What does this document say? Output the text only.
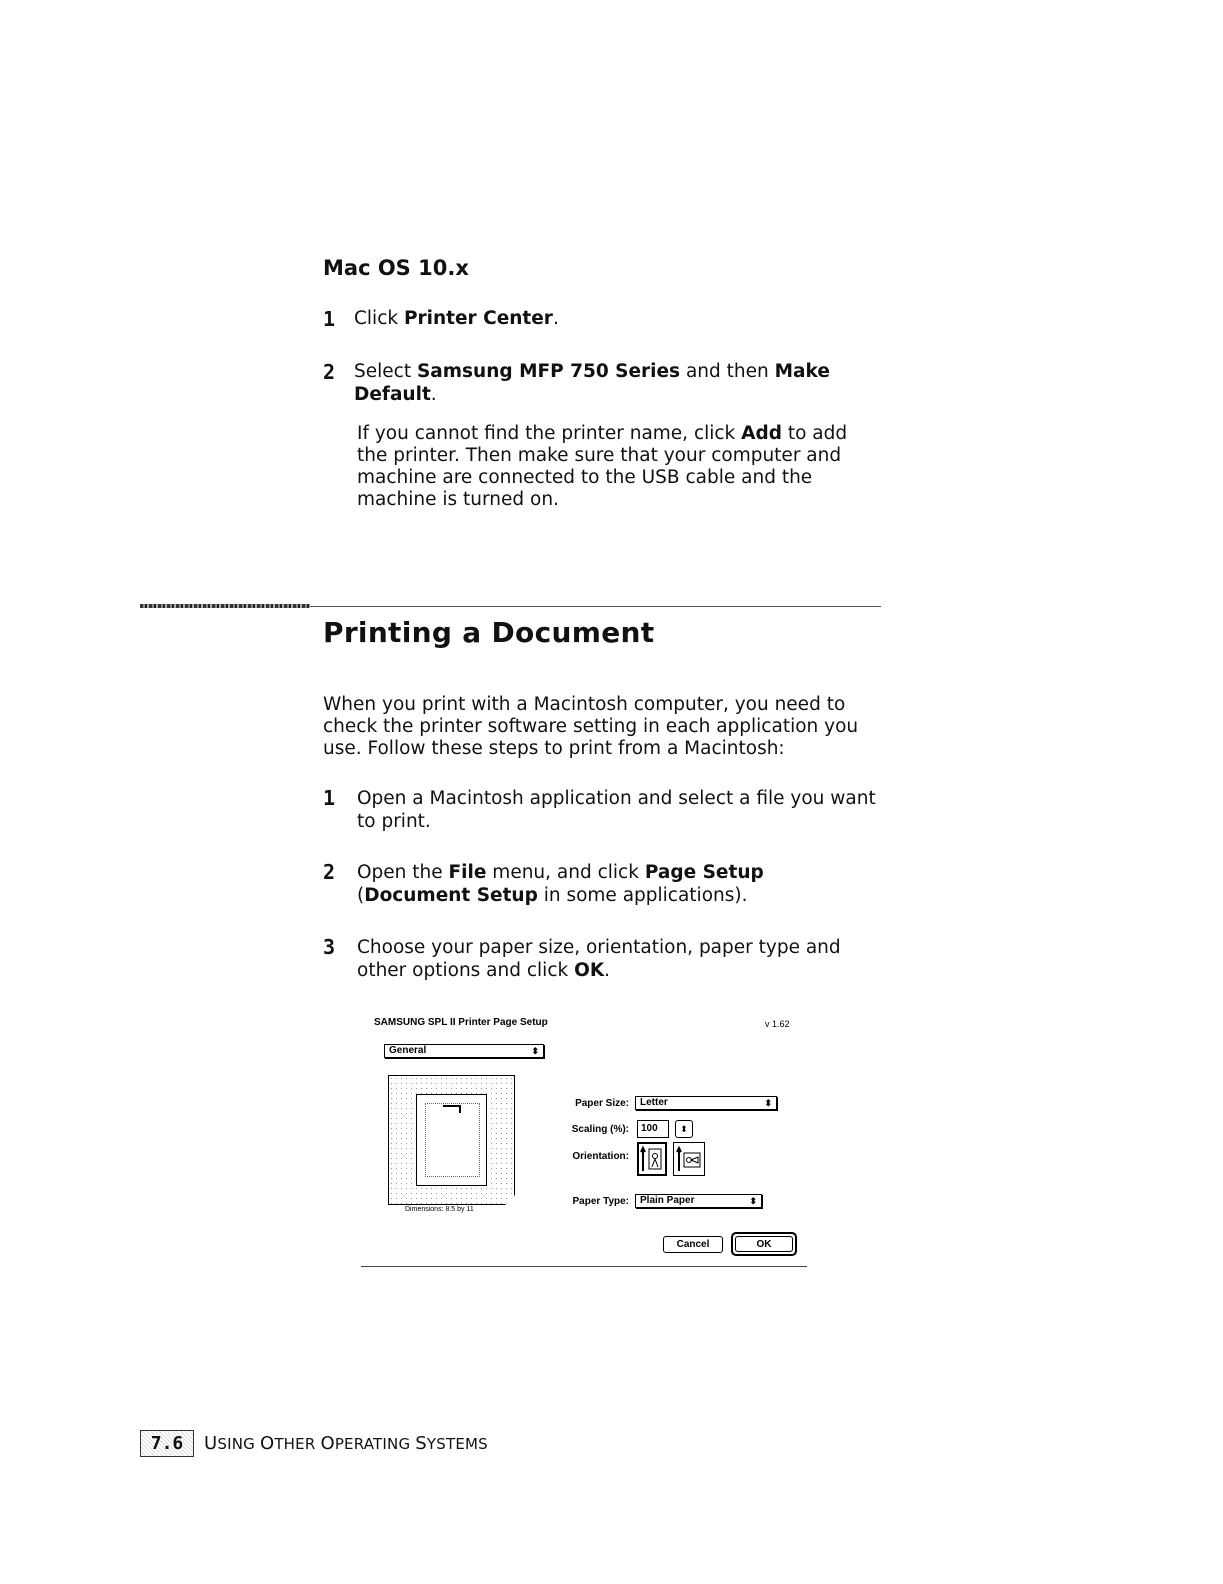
Mac OS 10.x
1 Click Printer Center.
2 Select Samsung MFP 750 Series and then Make Default.
If you cannot find the printer name, click Add to add the printer. Then make sure that your computer and machine are connected to the USB cable and the machine is turned on.
Printing a Document
When you print with a Macintosh computer, you need to check the printer software setting in each application you use. Follow these steps to print from a Macintosh:
1 Open a Macintosh application and select a file you want to print.
2 Open the File menu, and click Page Setup (Document Setup in some applications).
3 Choose your paper size, orientation, paper type and other options and click OK.
SAMSUNG SPL II Printer Page Setup	v 1.62
General	⬍
Dimensions: 8.5 by 11
Paper Size: Letter	⬍
Scaling (%):	100	⬍
Orientation:
Paper Type: Plain Paper	⬍
Cancel	OK
7.6	USING OTHER OPERATING SYSTEMS
